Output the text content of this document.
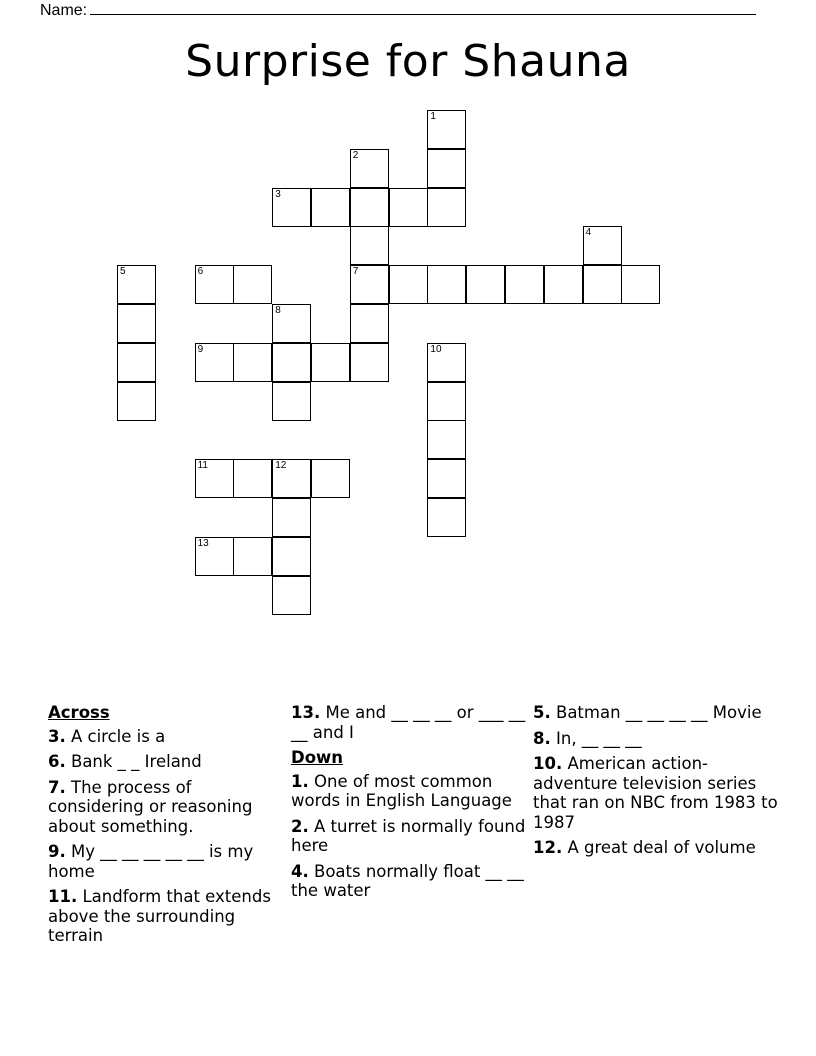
Name:
Surprise for Shauna
1
2
7
3
4
5	6
8
9	10
11	12
13
Across
3. A circle is a
6. Bank _ _ Ireland
7. The process of considering or reasoning about something.
9. My __ __ __ __ __ is my home
11. Landform that extends above the surrounding terrain
13. Me and __ __ __ or ___ __ __ and I
Down
1. One of most common words in English Language
2. A turret is normally found here
4. Boats normally float __ __ the water
5. Batman __ __ __ __ Movie
8. In, __ __ __
10. American action-adventure television series that ran on NBC from 1983 to 1987
12. A great deal of volume
